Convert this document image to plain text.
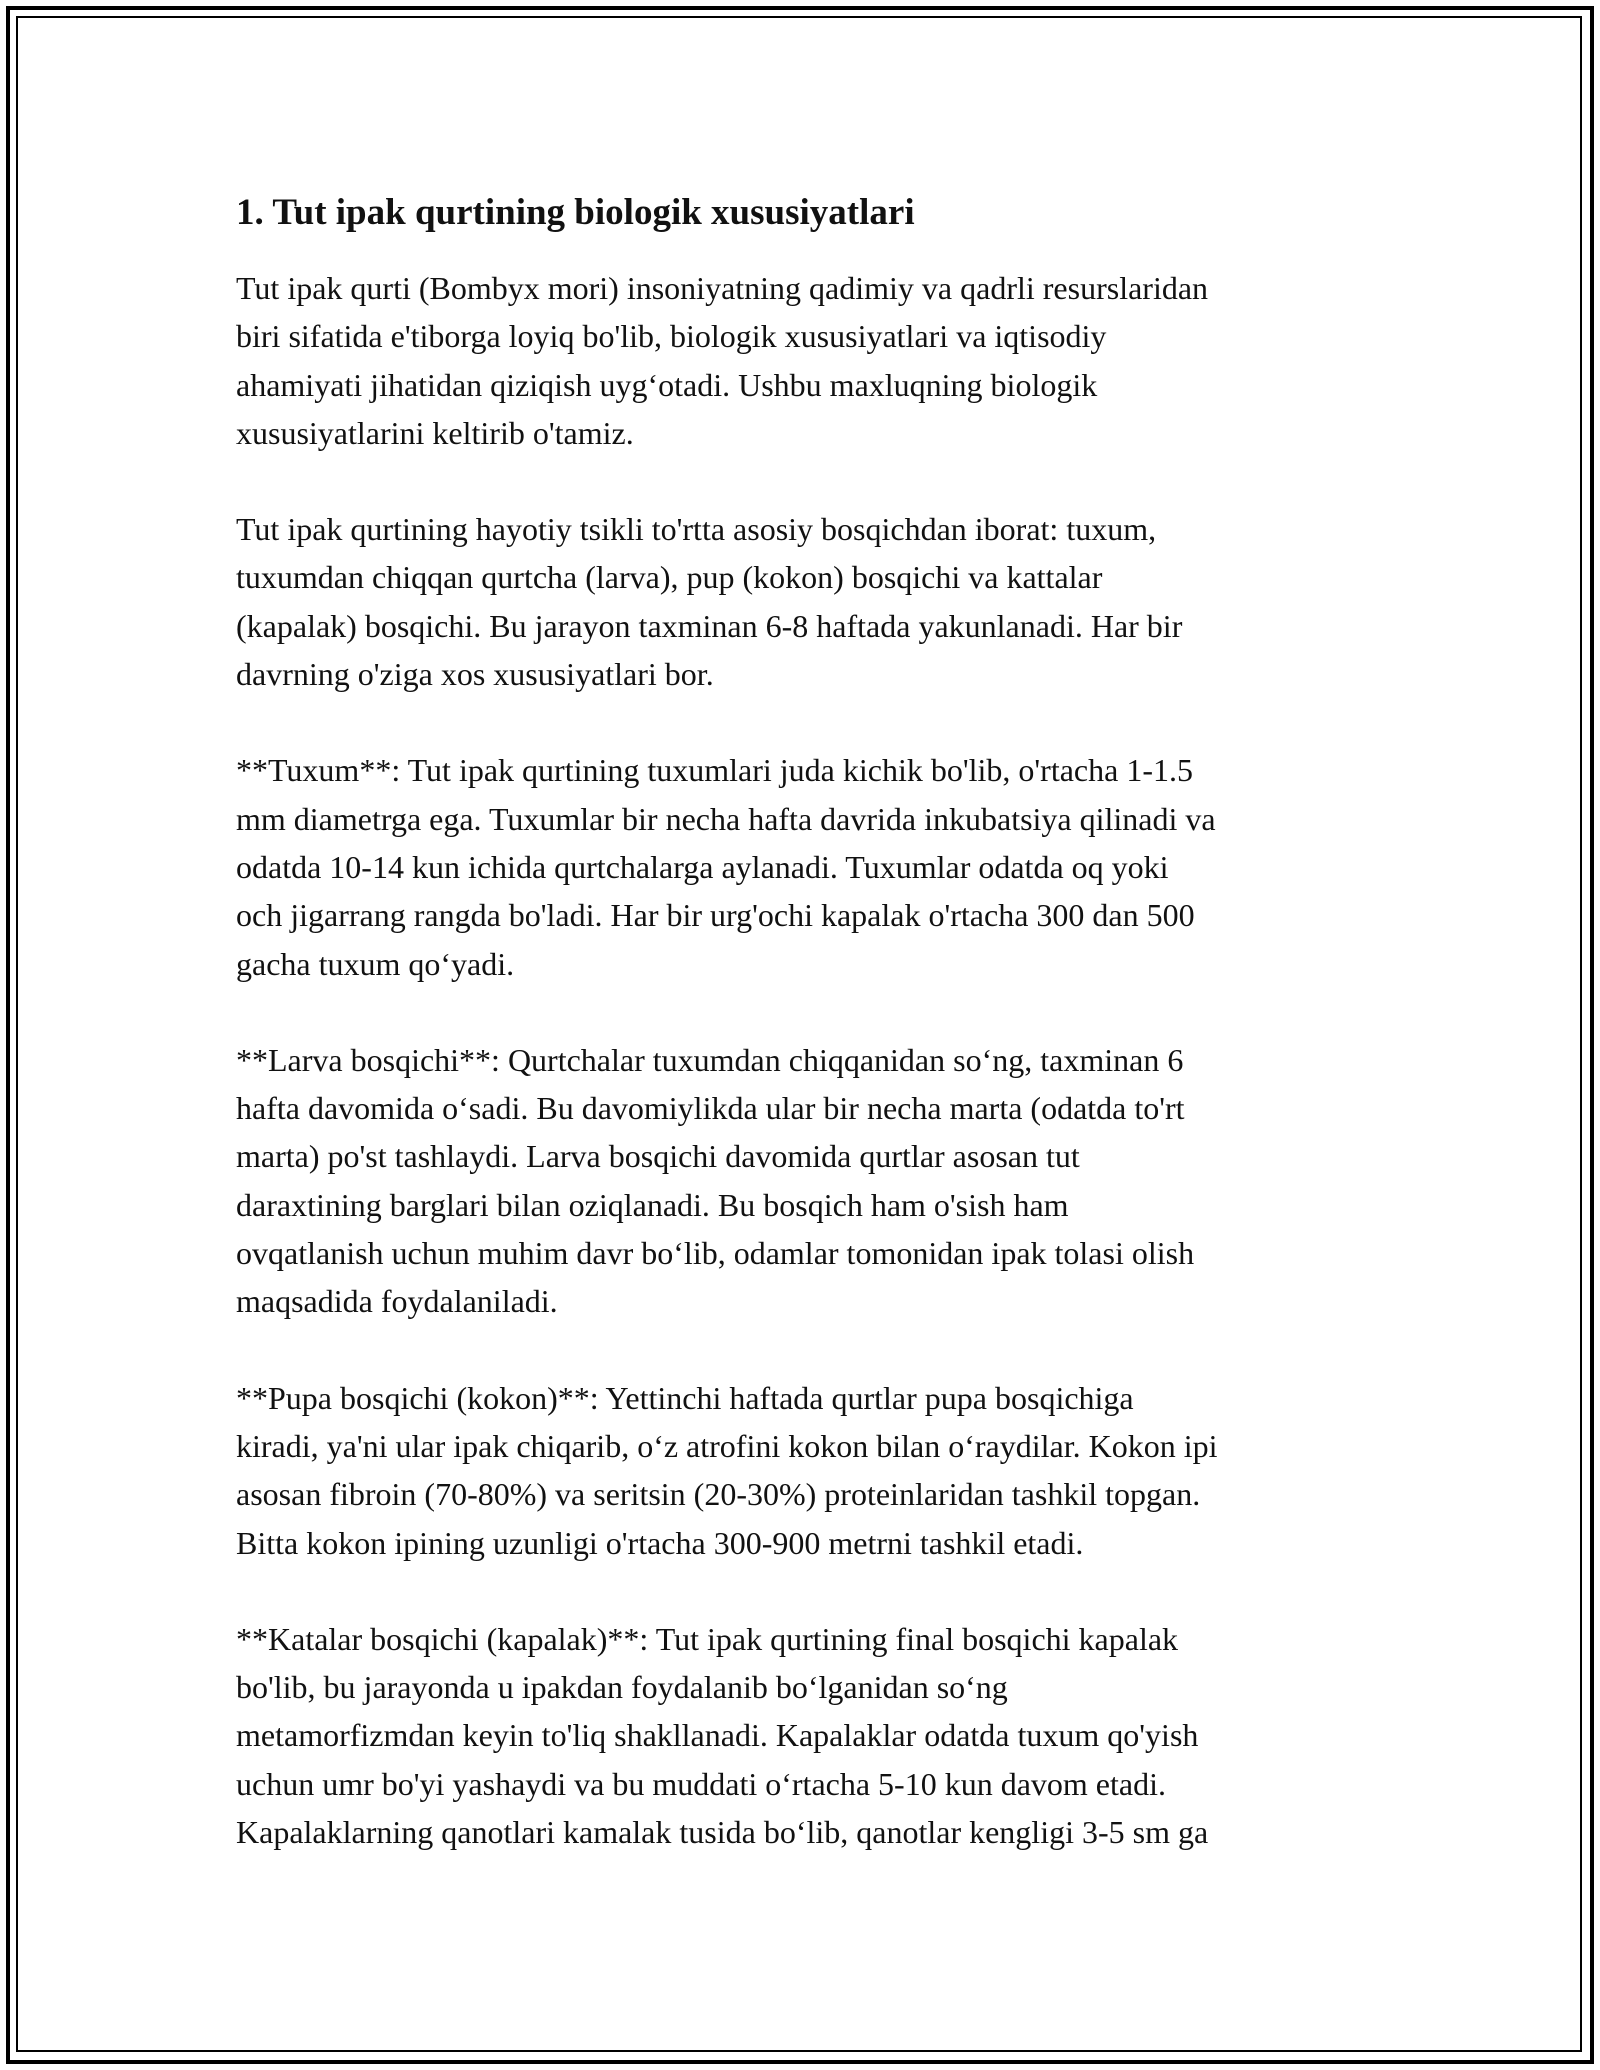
1. Tut ipak qurtining biologik xususiyatlari

Tut ipak qurti (Bombyx mori) insoniyatning qadimiy va qadrli resurslaridan
biri sifatida e'tiborga loyiq bo'lib, biologik xususiyatlari va iqtisodiy
ahamiyati jihatidan qiziqish uyg‘otadi. Ushbu maxluqning biologik
xususiyatlarini keltirib o'tamiz.

Tut ipak qurtining hayotiy tsikli to'rtta asosiy bosqichdan iborat: tuxum,
tuxumdan chiqqan qurtcha (larva), pup (kokon) bosqichi va kattalar
(kapalak) bosqichi. Bu jarayon taxminan 6-8 haftada yakunlanadi. Har bir
davrning o'ziga xos xususiyatlari bor.

**Tuxum**: Tut ipak qurtining tuxumlari juda kichik bo'lib, o'rtacha 1-1.5
mm diametrga ega. Tuxumlar bir necha hafta davrida inkubatsiya qilinadi va
odatda 10-14 kun ichida qurtchalarga aylanadi. Tuxumlar odatda oq yoki
och jigarrang rangda bo'ladi. Har bir urg'ochi kapalak o'rtacha 300 dan 500
gacha tuxum qo‘yadi.

**Larva bosqichi**: Qurtchalar tuxumdan chiqqanidan so‘ng, taxminan 6
hafta davomida o‘sadi. Bu davomiylikda ular bir necha marta (odatda to'rt
marta) po'st tashlaydi. Larva bosqichi davomida qurtlar asosan tut
daraxtining barglari bilan oziqlanadi. Bu bosqich ham o'sish ham
ovqatlanish uchun muhim davr bo‘lib, odamlar tomonidan ipak tolasi olish
maqsadida foydalaniladi.

**Pupa bosqichi (kokon)**: Yettinchi haftada qurtlar pupa bosqichiga
kiradi, ya'ni ular ipak chiqarib, o‘z atrofini kokon bilan o‘raydilar. Kokon ipi
asosan fibroin (70-80%) va seritsin (20-30%) proteinlaridan tashkil topgan.
Bitta kokon ipining uzunligi o'rtacha 300-900 metrni tashkil etadi.

**Katalar bosqichi (kapalak)**: Tut ipak qurtining final bosqichi kapalak
bo'lib, bu jarayonda u ipakdan foydalanib bo‘lganidan so‘ng
metamorfizmdan keyin to'liq shakllanadi. Kapalaklar odatda tuxum qo'yish
uchun umr bo'yi yashaydi va bu muddati o‘rtacha 5-10 kun davom etadi.
Kapalaklarning qanotlari kamalak tusida bo‘lib, qanotlar kengligi 3-5 sm ga
